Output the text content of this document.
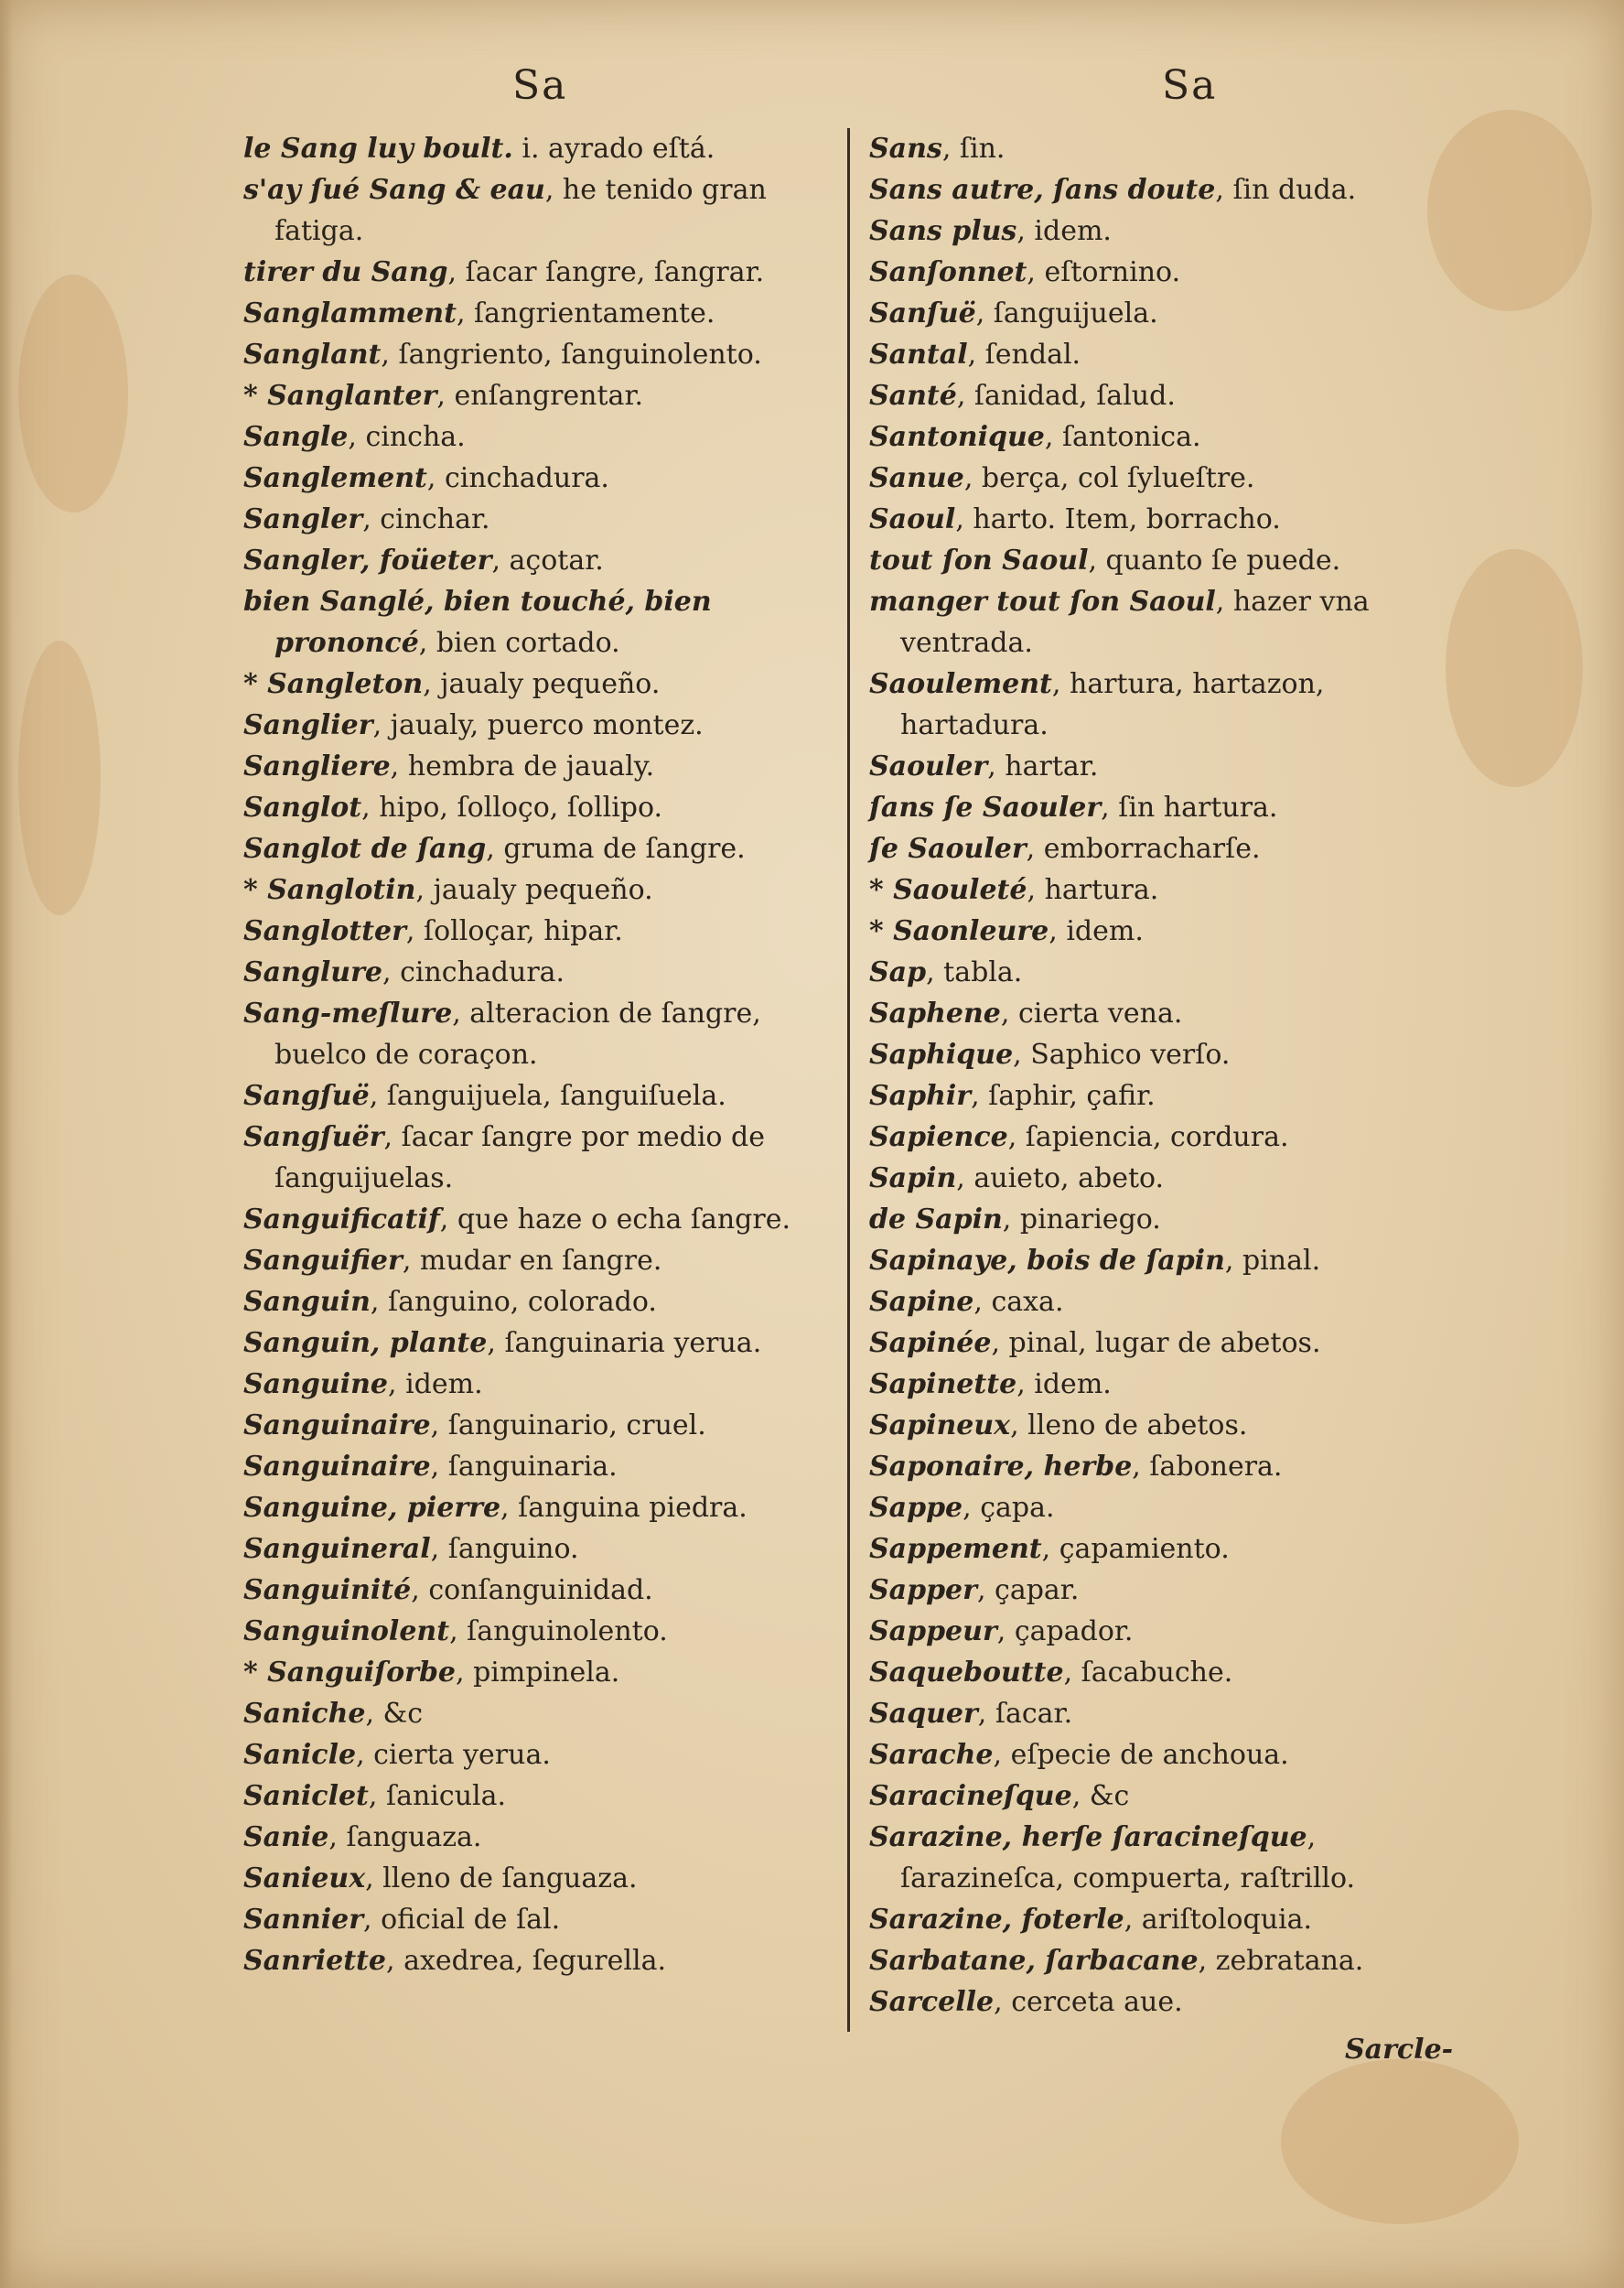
Sa	Sa
le Sang luy boult. i. ayrado eſtá.
s'ay ſué Sang & eau, he tenido gran fatiga.
tirer du Sang, ſacar ſangre, ſangrar.
Sanglamment, ſangrientamente.
Sanglant, ſangriento, ſanguinolento.
* Sanglanter, enſangrentar.
Sangle, cincha.
Sanglement, cinchadura.
Sangler, cinchar.
Sangler, foüeter, açotar.
bien Sanglé, bien touché, bien prononcé, bien cortado.
* Sangleton, jaualy pequeño.
Sanglier, jaualy, puerco montez.
Sangliere, hembra de jaualy.
Sanglot, hipo, ſolloço, ſollipo.
Sanglot de ſang, gruma de ſangre.
* Sanglotin, jaualy pequeño.
Sanglotter, ſolloçar, hipar.
Sanglure, cinchadura.
Sang-meſlure, alteracion de ſangre, buelco de coraçon.
Sangſuë, ſanguijuela, ſanguiſuela.
Sangſuër, ſacar ſangre por medio de ſanguijuelas.
Sanguificatif, que haze o echa ſangre.
Sanguifier, mudar en ſangre.
Sanguin, ſanguino, colorado.
Sanguin, plante, ſanguinaria yerua.
Sanguine, idem.
Sanguinaire, ſanguinario, cruel.
Sanguinaire, ſanguinaria.
Sanguine, pierre, ſanguina piedra.
Sanguineral, ſanguino.
Sanguinité, conſanguinidad.
Sanguinolent, ſanguinolento.
* Sanguiſorbe, pimpinela.
Saniche, &c
Sanicle, cierta yerua.
Saniclet, ſanicula.
Sanie, ſanguaza.
Sanieux, lleno de ſanguaza.
Sannier, oficial de ſal.
Sanriette, axedrea, ſegurella.
Sans, ſin.
Sans autre, ſans doute, ſin duda.
Sans plus, idem.
Sanſonnet, eſtornino.
Sanſuë, ſanguijuela.
Santal, ſendal.
Santé, ſanidad, ſalud.
Santonique, ſantonica.
Sanue, berça, col ſylueſtre.
Saoul, harto. Item, borracho.
tout ſon Saoul, quanto ſe puede.
manger tout ſon Saoul, hazer vna ventrada.
Saoulement, hartura, hartazon, hartadura.
Saouler, hartar.
ſans ſe Saouler, ſin hartura.
ſe Saouler, emborracharſe.
* Saouleté, hartura.
* Saonleure, idem.
Sap, tabla.
Saphene, cierta vena.
Saphique, Saphico verſo.
Saphir, ſaphir, çafir.
Sapience, ſapiencia, cordura.
Sapin, auieto, abeto.
de Sapin, pinariego.
Sapinaye, bois de ſapin, pinal.
Sapine, caxa.
Sapinée, pinal, lugar de abetos.
Sapinette, idem.
Sapineux, lleno de abetos.
Saponaire, herbe, ſabonera.
Sappe, çapa.
Sappement, çapamiento.
Sapper, çapar.
Sappeur, çapador.
Saqueboutte, ſacabuche.
Saquer, ſacar.
Sarache, eſpecie de anchoua.
Saracineſque, &c
Sarazine, herſe ſaracineſque, ſarazineſca, compuerta, raſtrillo.
Sarazine, foterle, ariſtoloquia.
Sarbatane, ſarbacane, zebratana.
Sarcelle, cerceta aue.
Sarcle-
